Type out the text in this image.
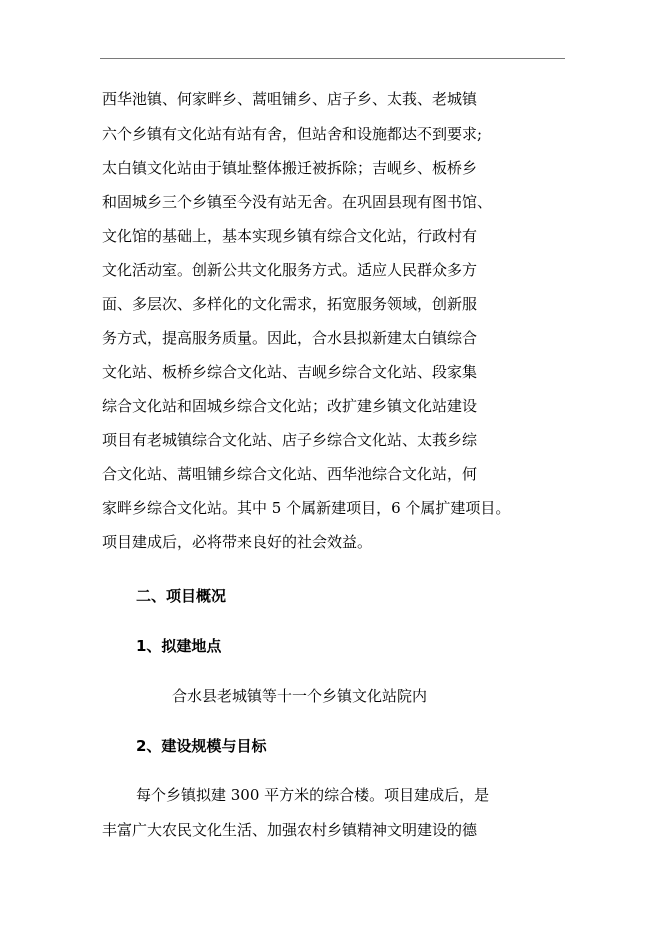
西华池镇、何家畔乡、蒿咀铺乡、店子乡、太莪、老城镇
六个乡镇有文化站有站有舍，但站舍和设施都达不到要求;
太白镇文化站由于镇址整体搬迁被拆除；吉岘乡、板桥乡
和固城乡三个乡镇至今没有站无舍。在巩固县现有图书馆、
文化馆的基础上，基本实现乡镇有综合文化站，行政村有
文化活动室。创新公共文化服务方式。适应人民群众多方
面、多层次、多样化的文化需求，拓宽服务领域，创新服
务方式，提高服务质量。因此，合水县拟新建太白镇综合
文化站、板桥乡综合文化站、吉岘乡综合文化站、段家集
综合文化站和固城乡综合文化站；改扩建乡镇文化站建设
项目有老城镇综合文化站、店子乡综合文化站、太莪乡综
合文化站、蒿咀铺乡综合文化站、西华池综合文化站，何
家畔乡综合文化站。其中 5 个属新建项目，6 个属扩建项目。
项目建成后，必将带来良好的社会效益。
二、项目概况
1、拟建地点
合水县老城镇等十一个乡镇文化站院内
2、建设规模与目标
每个乡镇拟建 300 平方米的综合楼。项目建成后，是
丰富广大农民文化生活、加强农村乡镇精神文明建设的德
